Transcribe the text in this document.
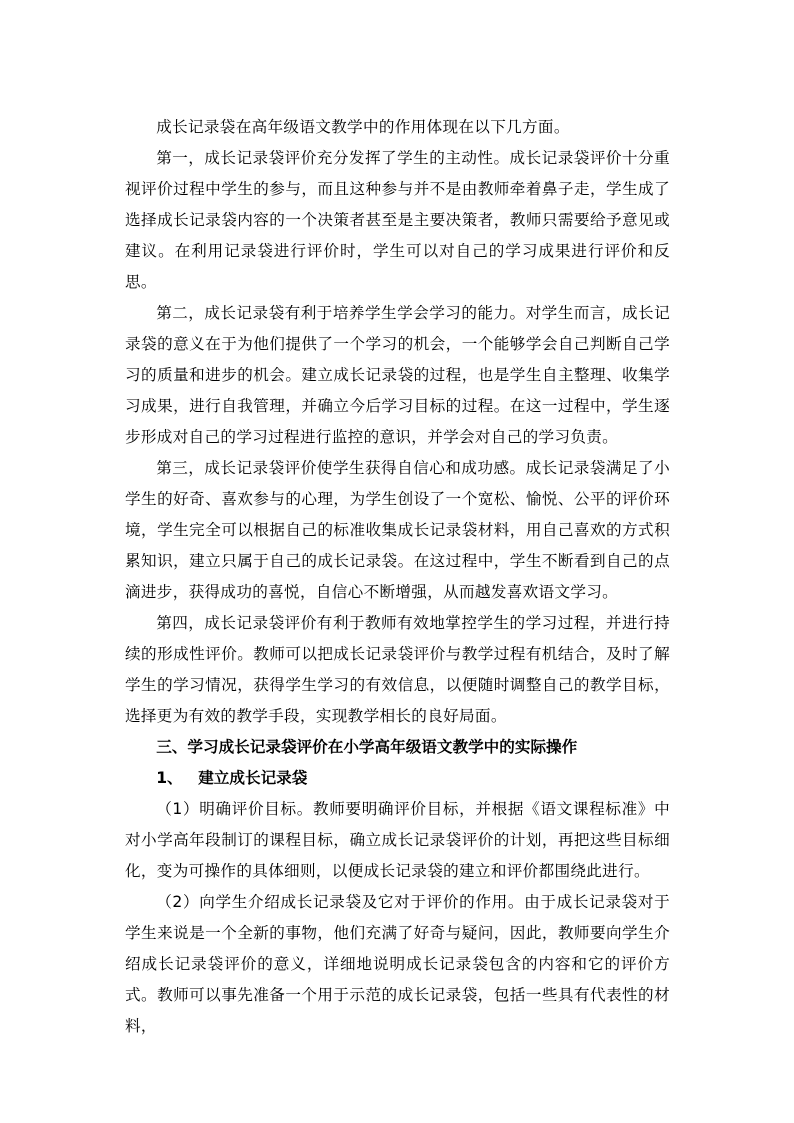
成长记录袋在高年级语文教学中的作用体现在以下几方面。

第一，成长记录袋评价充分发挥了学生的主动性。成长记录袋评价十分重视评价过程中学生的参与，而且这种参与并不是由教师牵着鼻子走，学生成了选择成长记录袋内容的一个决策者甚至是主要决策者，教师只需要给予意见或建议。在利用记录袋进行评价时，学生可以对自己的学习成果进行评价和反思。

第二，成长记录袋有利于培养学生学会学习的能力。对学生而言，成长记录袋的意义在于为他们提供了一个学习的机会，一个能够学会自己判断自己学习的质量和进步的机会。建立成长记录袋的过程，也是学生自主整理、收集学习成果，进行自我管理，并确立今后学习目标的过程。在这一过程中，学生逐步形成对自己的学习过程进行监控的意识，并学会对自己的学习负责。

第三，成长记录袋评价使学生获得自信心和成功感。成长记录袋满足了小学生的好奇、喜欢参与的心理，为学生创设了一个宽松、愉悦、公平的评价环境，学生完全可以根据自己的标准收集成长记录袋材料，用自己喜欢的方式积累知识，建立只属于自己的成长记录袋。在这过程中，学生不断看到自己的点滴进步，获得成功的喜悦，自信心不断增强，从而越发喜欢语文学习。

第四，成长记录袋评价有利于教师有效地掌控学生的学习过程，并进行持续的形成性评价。教师可以把成长记录袋评价与教学过程有机结合，及时了解学生的学习情况，获得学生学习的有效信息，以便随时调整自己的教学目标，选择更为有效的教学手段，实现教学相长的良好局面。

三、学习成长记录袋评价在小学高年级语文教学中的实际操作

1、 建立成长记录袋

（1）明确评价目标。教师要明确评价目标，并根据《语文课程标准》中对小学高年段制订的课程目标，确立成长记录袋评价的计划，再把这些目标细化，变为可操作的具体细则，以便成长记录袋的建立和评价都围绕此进行。

（2）向学生介绍成长记录袋及它对于评价的作用。由于成长记录袋对于学生来说是一个全新的事物，他们充满了好奇与疑问，因此，教师要向学生介绍成长记录袋评价的意义，详细地说明成长记录袋包含的内容和它的评价方式。教师可以事先准备一个用于示范的成长记录袋，包括一些具有代表性的材料，
